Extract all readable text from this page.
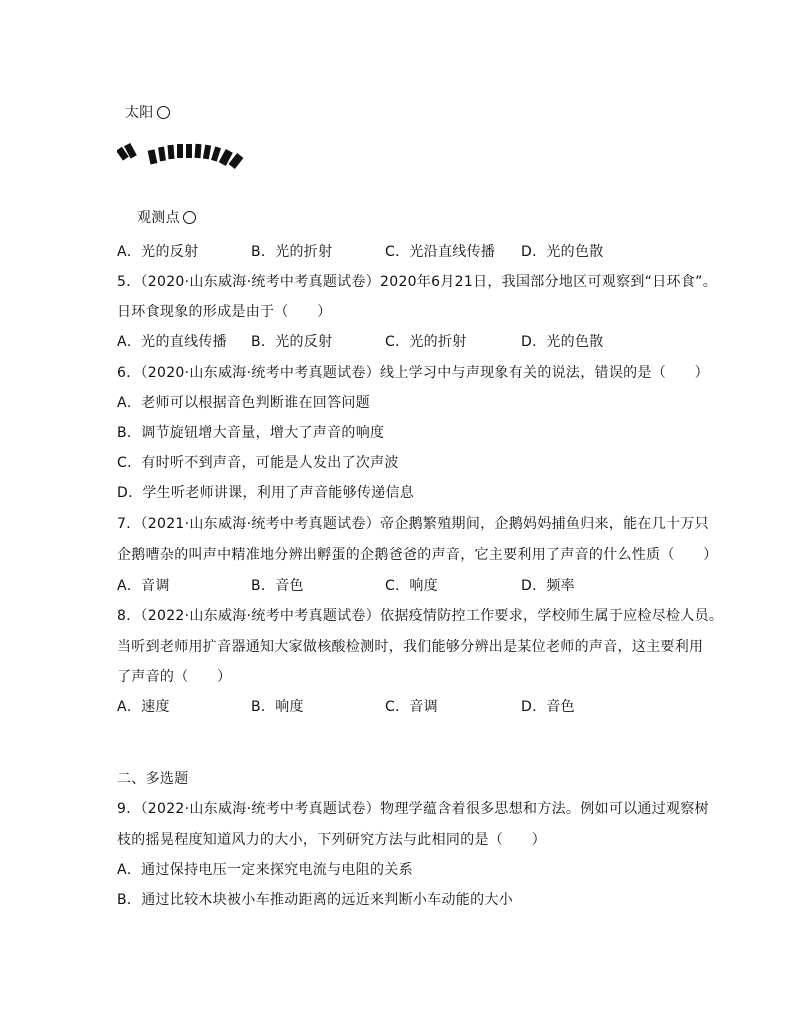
太阳
观测点
A．光的反射	B．光的折射	C．光沿直线传播 D．光的色散
5．（2020·山东威海·统考中考真题试卷）2020年6月21日，我国部分地区可观察到“日环食”。
日环食现象的形成是由于（　　）
A．光的直线传播 B．光的反射	C．光的折射	D．光的色散
6．（2020·山东威海·统考中考真题试卷）线上学习中与声现象有关的说法，错误的是（　　）
A．老师可以根据音色判断谁在回答问题
B．调节旋钮增大音量，增大了声音的响度
C．有时听不到声音，可能是人发出了次声波
D．学生听老师讲课，利用了声音能够传递信息
7．（2021·山东威海·统考中考真题试卷）帝企鹅繁殖期间，企鹅妈妈捕鱼归来，能在几十万只
企鹅嘈杂的叫声中精准地分辨出孵蛋的企鹅爸爸的声音，它主要利用了声音的什么性质（　　）
A．音调	B．音色	C．响度	D．频率
8．（2022·山东威海·统考中考真题试卷）依据疫情防控工作要求，学校师生属于应检尽检人员。
当听到老师用扩音器通知大家做核酸检测时，我们能够分辨出是某位老师的声音，这主要利用
了声音的（　　）
A．速度	B．响度	C．音调	D．音色
二、多选题
9．（2022·山东威海·统考中考真题试卷）物理学蕴含着很多思想和方法。例如可以通过观察树
枝的摇晃程度知道风力的大小，下列研究方法与此相同的是（　　）
A．通过保持电压一定来探究电流与电阻的关系
B．通过比较木块被小车推动距离的远近来判断小车动能的大小
